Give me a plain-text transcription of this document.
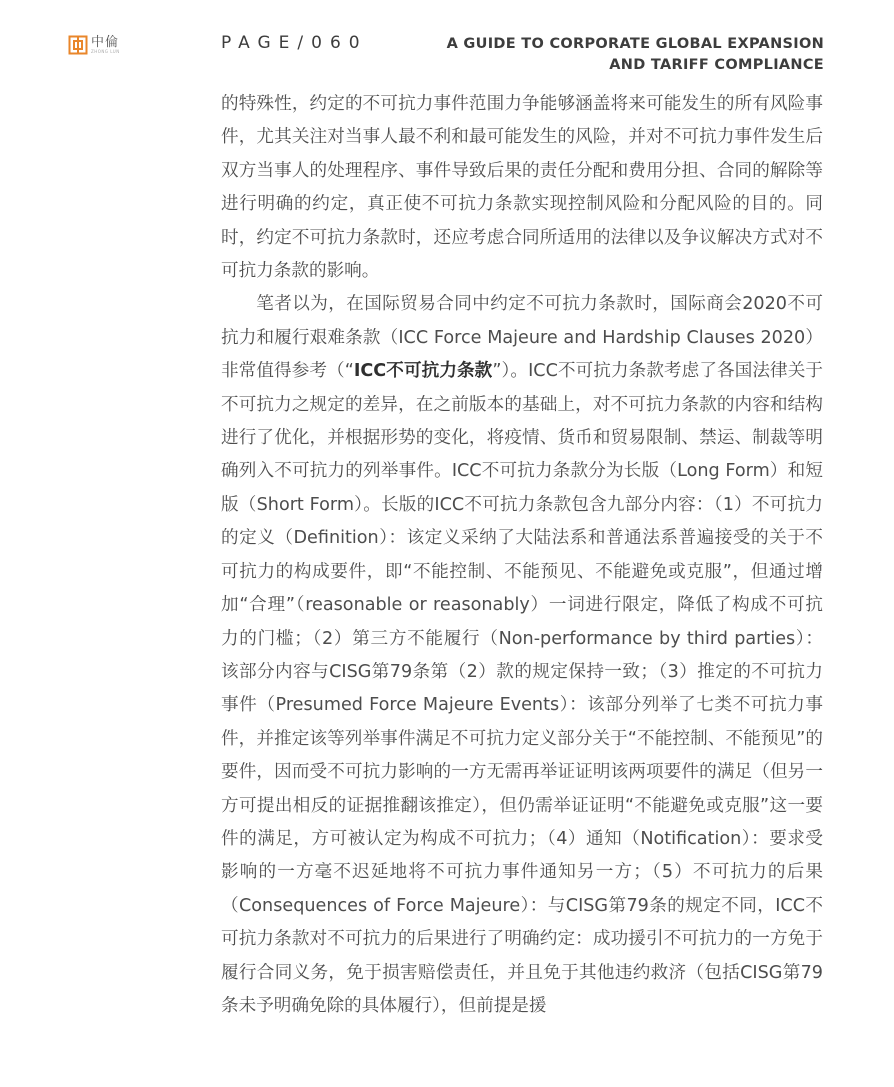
中倫
ZHONG LUN	PAGE/060	A GUIDE TO CORPORATE GLOBAL EXPANSION
AND TARIFF COMPLIANCE

的特殊性，约定的不可抗力事件范围力争能够涵盖将来可能发生的所有风险事件，尤其关注对当事人最不利和最可能发生的风险，并对不可抗力事件发生后双方当事人的处理程序、事件导致后果的责任分配和费用分担、合同的解除等进行明确的约定，真正使不可抗力条款实现控制风险和分配风险的目的。同时，约定不可抗力条款时，还应考虑合同所适用的法律以及争议解决方式对不可抗力条款的影响。

笔者以为，在国际贸易合同中约定不可抗力条款时，国际商会2020不可抗力和履行艰难条款（ICC Force Majeure and Hardship Clauses 2020）非常值得参考（“ICC不可抗力条款”）。ICC不可抗力条款考虑了各国法律关于不可抗力之规定的差异，在之前版本的基础上，对不可抗力条款的内容和结构进行了优化，并根据形势的变化，将疫情、货币和贸易限制、禁运、制裁等明确列入不可抗力的列举事件。ICC不可抗力条款分为长版（Long Form）和短版（Short Form）。长版的ICC不可抗力条款包含九部分内容：（1）不可抗力的定义（Definition）：该定义采纳了大陆法系和普通法系普遍接受的关于不可抗力的构成要件，即“不能控制、不能预见、不能避免或克服”，但通过增加“合理”（reasonable or reasonably）一词进行限定，降低了构成不可抗力的门槛；（2）第三方不能履行（Non-performance by third parties）：该部分内容与CISG第79条第（2）款的规定保持一致；（3）推定的不可抗力事件（Presumed Force Majeure Events）：该部分列举了七类不可抗力事件，并推定该等列举事件满足不可抗力定义部分关于“不能控制、不能预见”的要件，因而受不可抗力影响的一方无需再举证证明该两项要件的满足（但另一方可提出相反的证据推翻该推定），但仍需举证证明“不能避免或克服”这一要件的满足，方可被认定为构成不可抗力；（4）通知（Notification）：要求受影响的一方毫不迟延地将不可抗力事件通知另一方；（5）不可抗力的后果（Consequences of Force Majeure）：与CISG第79条的规定不同，ICC不可抗力条款对不可抗力的后果进行了明确约定：成功援引不可抗力的一方免于履行合同义务，免于损害赔偿责任，并且免于其他违约救济（包括CISG第79条未予明确免除的具体履行），但前提是援
